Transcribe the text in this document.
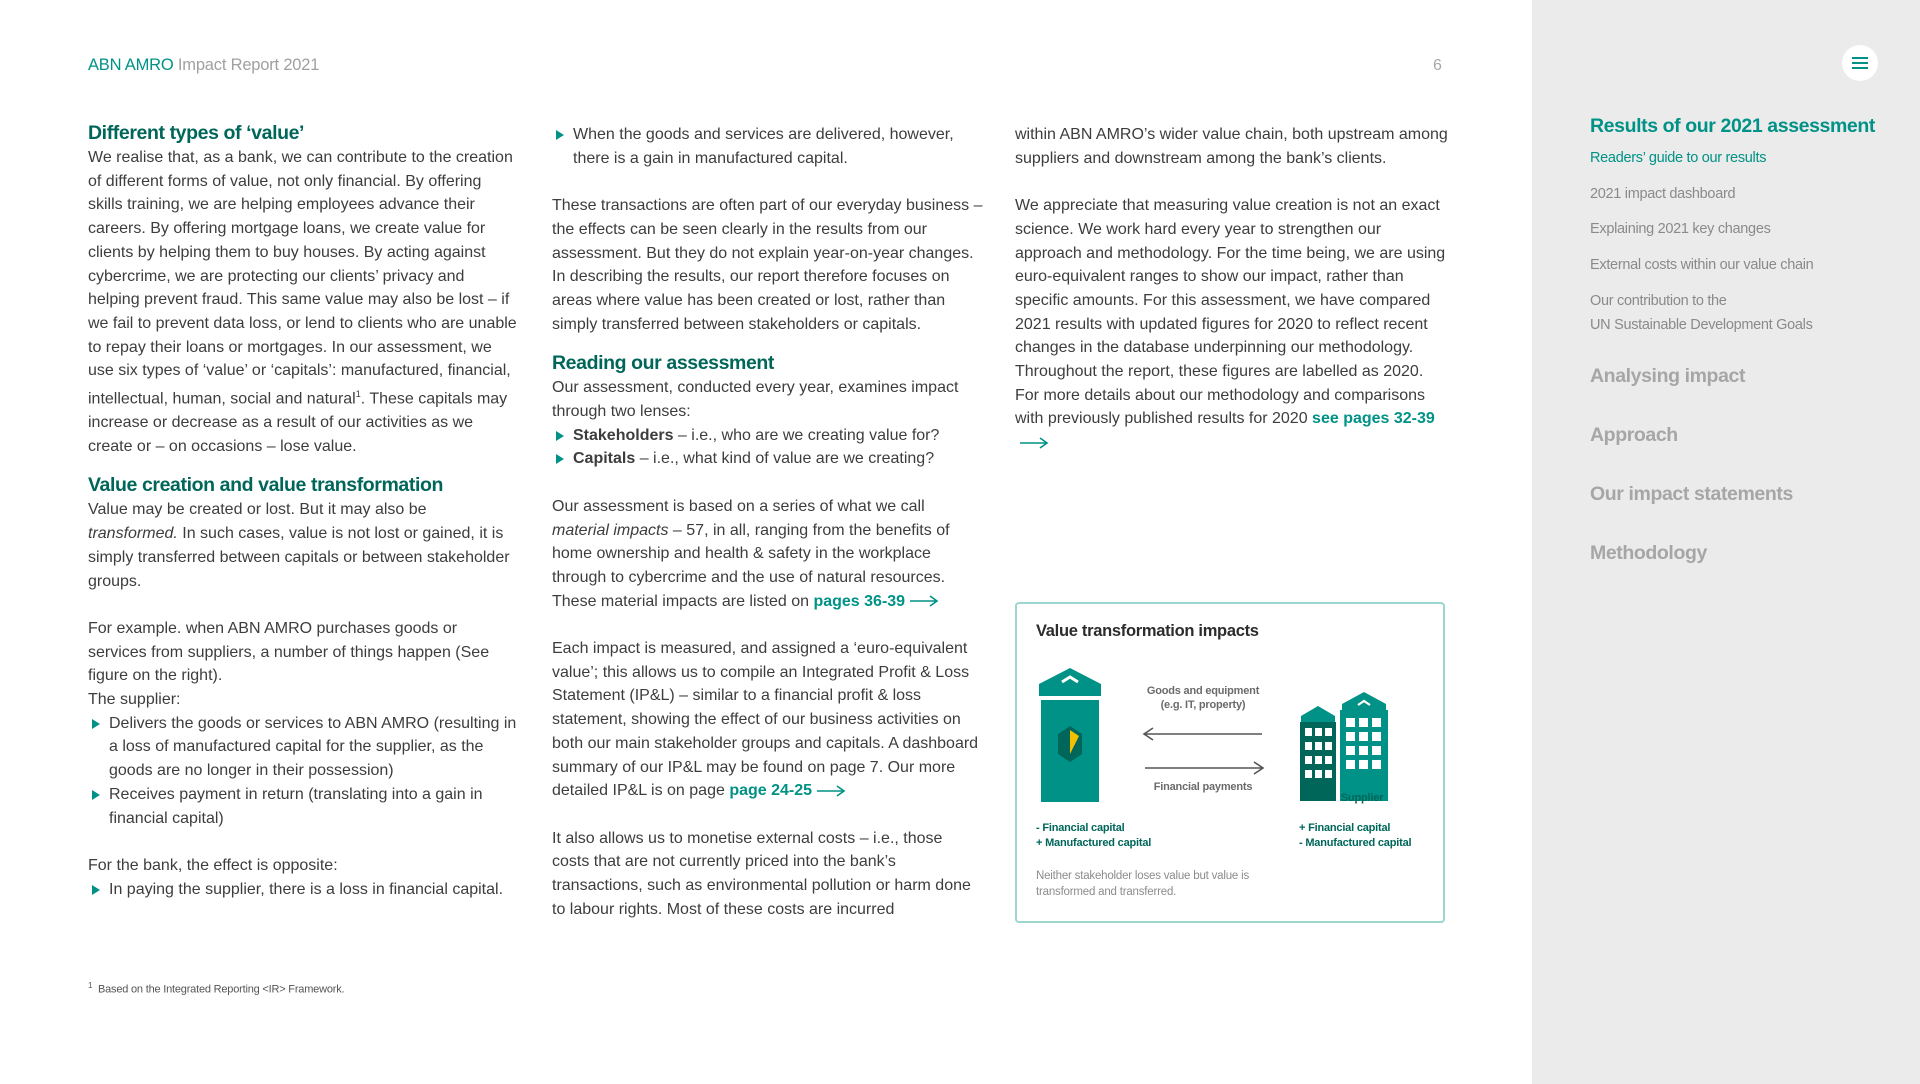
ABN AMRO Impact Report 2021	6
Different types of ‘value’

We realise that, as a bank, we can contribute to the creation of different forms of value, not only financial. By offering skills training, we are helping employees advance their careers. By offering mortgage loans, we create value for clients by helping them to buy houses. By acting against cybercrime, we are protecting our clients’ privacy and helping prevent fraud. This same value may also be lost – if we fail to prevent data loss, or lend to clients who are unable to repay their loans or mortgages. In our assessment, we use six types of ‘value’ or ‘capitals’: manufactured, financial, intellectual, human, social and natural$^1$. These capitals may increase or decrease as a result of our activities as we create or – on occasions – lose value.

Value creation and value transformation

Value may be created or lost. But it may also be transformed. In such cases, value is not lost or gained, it is simply transferred between capitals or between stakeholder groups.

For example. when ABN AMRO purchases goods or services from suppliers, a number of things happen (See figure on the right).

The supplier:

Delivers the goods or services to ABN AMRO (resulting in a loss of manufactured capital for the supplier, as the goods are no longer in their possession)
Receives payment in return (translating into a gain in financial capital)

For the bank, the effect is opposite:

In paying the supplier, there is a loss in financial capital.
When the goods and services are delivered, however, there is a gain in manufactured capital.

These transactions are often part of our everyday business – the effects can be seen clearly in the results from our assessment. But they do not explain year-on-year changes. In describing the results, our report therefore focuses on areas where value has been created or lost, rather than simply transferred between stakeholders or capitals.

Reading our assessment

Our assessment, conducted every year, examines impact through two lenses:

Stakeholders – i.e., who are we creating value for?
Capitals – i.e., what kind of value are we creating?

Our assessment is based on a series of what we call material impacts – 57, in all, ranging from the benefits of home ownership and health & safety in the workplace through to cybercrime and the use of natural resources. These material impacts are listed on pages 36-39

Each impact is measured, and assigned a ‘euro-equivalent value’; this allows us to compile an Integrated Profit & Loss Statement (IP&L) – similar to a financial profit & loss statement, showing the effect of our business activities on both our main stakeholder groups and capitals. A dashboard summary of our IP&L may be found on page 7. Our more detailed IP&L is on page page 24-25

It also allows us to monetise external costs – i.e., those costs that are not currently priced into the bank’s transactions, such as environmental pollution or harm done to labour rights. Most of these costs are incurred

within ABN AMRO’s wider value chain, both upstream among suppliers and downstream among the bank’s clients.

We appreciate that measuring value creation is not an exact science. We work hard every year to strengthen our approach and methodology. For the time being, we are using euro-equivalent ranges to show our impact, rather than specific amounts. For this assessment, we have compared 2021 results with updated figures for 2020 to reflect recent changes in the database underpinning our methodology. Throughout the report, these figures are labelled as 2020. For more details about our methodology and comparisons with previously published results for 2020 see pages 32-39

Value transformation impacts
Goods and equipment
(e.g. IT, property)
Financial payments
Supplier
- Financial capital
+ Manufactured capital
+ Financial capital
- Manufactured capital
Neither stakeholder loses value but value is transformed and transferred.
$^1$ Based on the Integrated Reporting <IR> Framework.
Results of our 2021 assessment
Readers’ guide to our results
2021 impact dashboard
Explaining 2021 key changes
External costs within our value chain
Our contribution to the
UN Sustainable Development Goals
Analysing impact
Approach
Our impact statements
Methodology
